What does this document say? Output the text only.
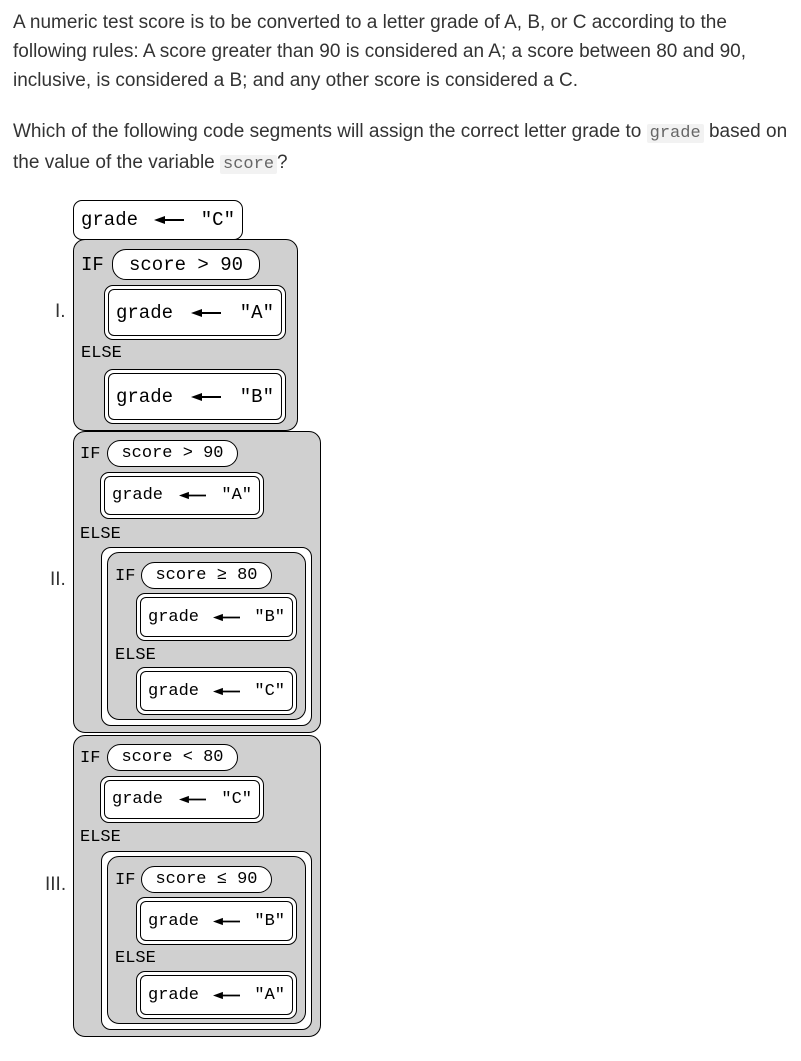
A numeric test score is to be converted to a letter grade of A, B, or C according to the following rules: A score greater than 90 is considered an A; a score between 80 and 90, inclusive, is considered a B; and any other score is considered a C.

Which of the following code segments will assign the correct letter grade to grade based on the value of the variable score ?

I.
grade	"C"
IF	score > 90
grade	"A"
ELSE
grade	"B"
II.
IF	score > 90
grade	"A"
ELSE
IF	score ≥ 80
grade	"B"
ELSE
grade	"C"
III.
IF	score < 80
grade	"C"
ELSE
IF	score ≤ 90
grade	"B"
ELSE
grade	"A"
